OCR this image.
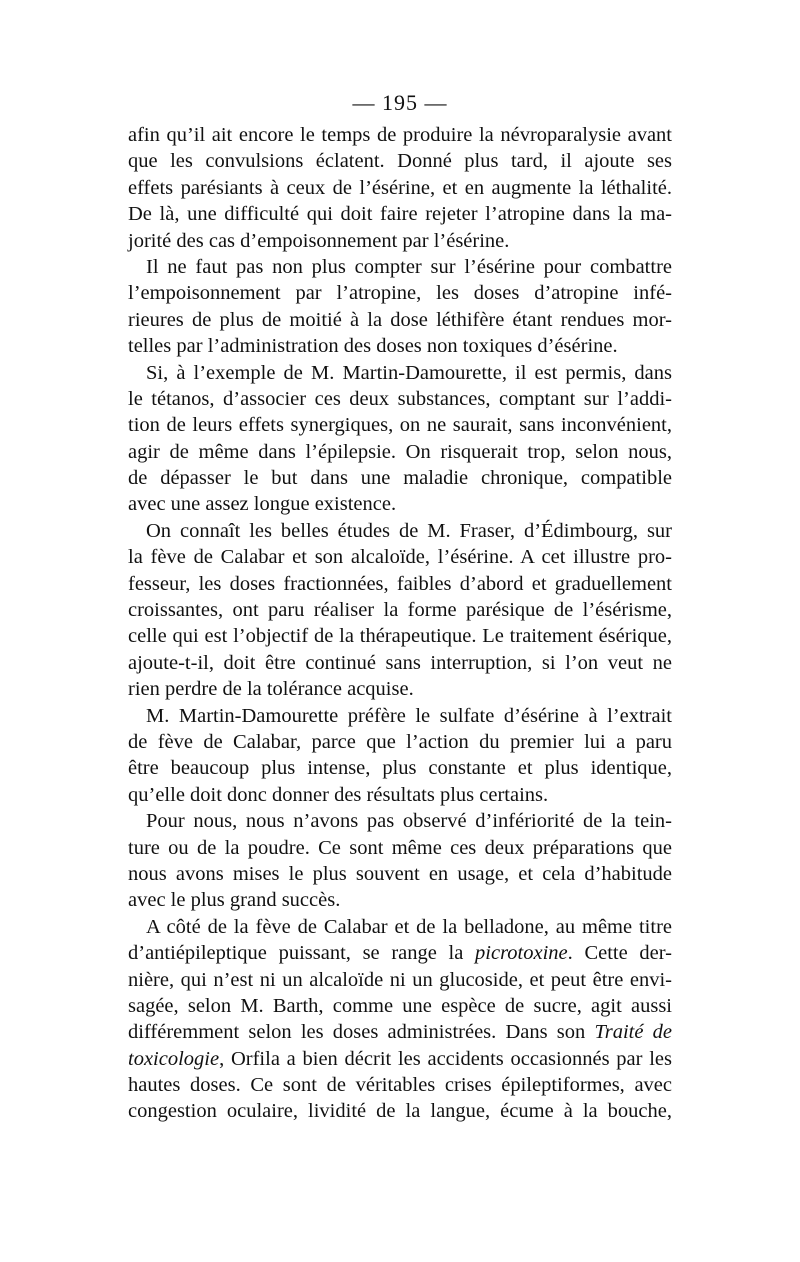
— 195 —
afin qu’il ait encore le temps de produire la névroparalysie avant
que les convulsions éclatent. Donné plus tard, il ajoute ses
effets parésiants à ceux de l’ésérine, et en augmente la léthalité.
De là, une difficulté qui doit faire rejeter l’atropine dans la ma-
jorité des cas d’empoisonnement par l’ésérine.
Il ne faut pas non plus compter sur l’ésérine pour combattre
l’empoisonnement par l’atropine, les doses d’atropine infé-
rieures de plus de moitié à la dose léthifère étant rendues mor-
telles par l’administration des doses non toxiques d’ésérine.
Si, à l’exemple de M. Martin-Damourette, il est permis, dans
le tétanos, d’associer ces deux substances, comptant sur l’addi-
tion de leurs effets synergiques, on ne saurait, sans inconvénient,
agir de même dans l’épilepsie. On risquerait trop, selon nous,
de dépasser le but dans une maladie chronique, compatible
avec une assez longue existence.
On connaît les belles études de M. Fraser, d’Édimbourg, sur
la fève de Calabar et son alcaloïde, l’ésérine. A cet illustre pro-
fesseur, les doses fractionnées, faibles d’abord et graduellement
croissantes, ont paru réaliser la forme parésique de l’ésérisme,
celle qui est l’objectif de la thérapeutique. Le traitement ésérique,
ajoute-t-il, doit être continué sans interruption, si l’on veut ne
rien perdre de la tolérance acquise.
M. Martin-Damourette préfère le sulfate d’ésérine à l’extrait
de fève de Calabar, parce que l’action du premier lui a paru
être beaucoup plus intense, plus constante et plus identique,
qu’elle doit donc donner des résultats plus certains.
Pour nous, nous n’avons pas observé d’infériorité de la tein-
ture ou de la poudre. Ce sont même ces deux préparations que
nous avons mises le plus souvent en usage, et cela d’habitude
avec le plus grand succès.
A côté de la fève de Calabar et de la belladone, au même titre
d’antiépileptique puissant, se range la picrotoxine. Cette der-
nière, qui n’est ni un alcaloïde ni un glucoside, et peut être envi-
sagée, selon M. Barth, comme une espèce de sucre, agit aussi
différemment selon les doses administrées. Dans son Traité de
toxicologie, Orfila a bien décrit les accidents occasionnés par les
hautes doses. Ce sont de véritables crises épileptiformes, avec
congestion oculaire, lividité de la langue, écume à la bouche,
